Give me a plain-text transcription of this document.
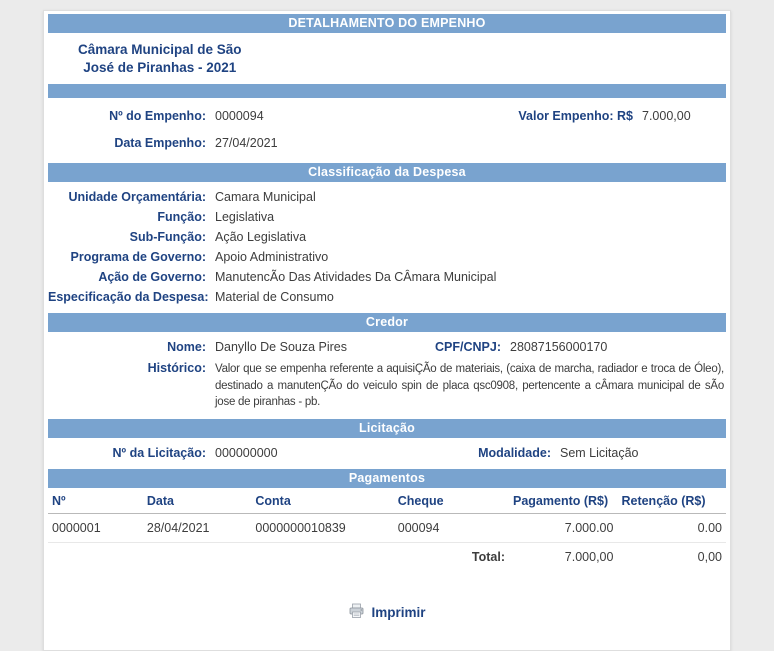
DETALHAMENTO DO EMPENHO
Câmara Municipal de São
José de Piranhas - 2021
Nº do Empenho: 0000094	Valor Empenho: R$ 7.000,00
Data Empenho: 27/04/2021
Classificação da Despesa
Unidade Orçamentária: Camara Municipal
Função: Legislativa
Sub-Função: Ação Legislativa
Programa de Governo: Apoio Administrativo
Ação de Governo: ManutencÃo Das Atividades Da CÂmara Municipal
Especificação da Despesa: Material de Consumo
Credor
Nome: Danyllo De Souza Pires	CPF/CNPJ: 28087156000170
Histórico: Valor que se empenha referente a aquisiÇÃo de materiais, (caixa de marcha, radiador e troca de Óleo), destinado a manutenÇÃo do veiculo spin de placa qsc0908, pertencente a cÂmara municipal de sÃo jose de piranhas - pb.
Licitação
Nº da Licitação: 000000000	Modalidade: Sem Licitação
Pagamentos
Nº	Data	Conta	Cheque	Pagamento (R$)	Retenção (R$)
0000001	28/04/2021	0000000010839	000094	7.000.00	0.00
			Total:	7.000,00	0,00
Imprimir
